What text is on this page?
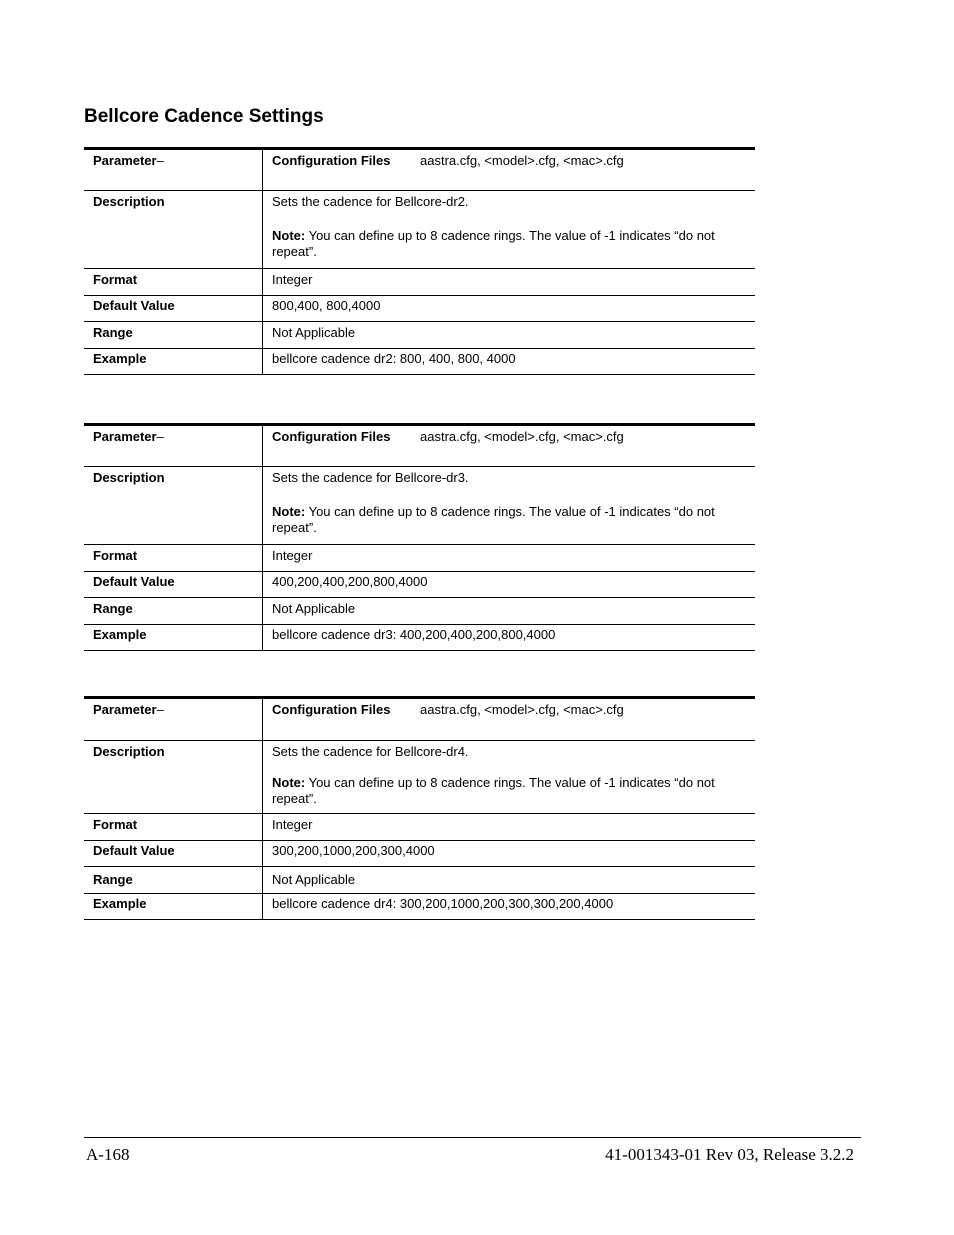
Bellcore Cadence Settings
Parameter–	Configuration Files aastra.cfg, <model>.cfg, <mac>.cfg
Description	Sets the cadence for Bellcore-dr2.

Note: You can define up to 8 cadence rings. The value of -1 indicates “do not repeat”.

Format	Integer
Default Value	800,400, 800,4000
Range	Not Applicable
Example	bellcore cadence dr2: 800, 400, 800, 4000
Parameter–	Configuration Files aastra.cfg, <model>.cfg, <mac>.cfg
Description	Sets the cadence for Bellcore-dr3.

Note: You can define up to 8 cadence rings. The value of -1 indicates “do not repeat”.

Format	Integer
Default Value	400,200,400,200,800,4000
Range	Not Applicable
Example	bellcore cadence dr3: 400,200,400,200,800,4000
Parameter–	Configuration Files aastra.cfg, <model>.cfg, <mac>.cfg
Description	Sets the cadence for Bellcore-dr4.

Note: You can define up to 8 cadence rings. The value of -1 indicates “do not repeat”.

Format	Integer
Default Value	300,200,1000,200,300,4000
Range	Not Applicable
Example	bellcore cadence dr4: 300,200,1000,200,300,300,200,4000
A-168	41-001343-01 Rev 03, Release 3.2.2
